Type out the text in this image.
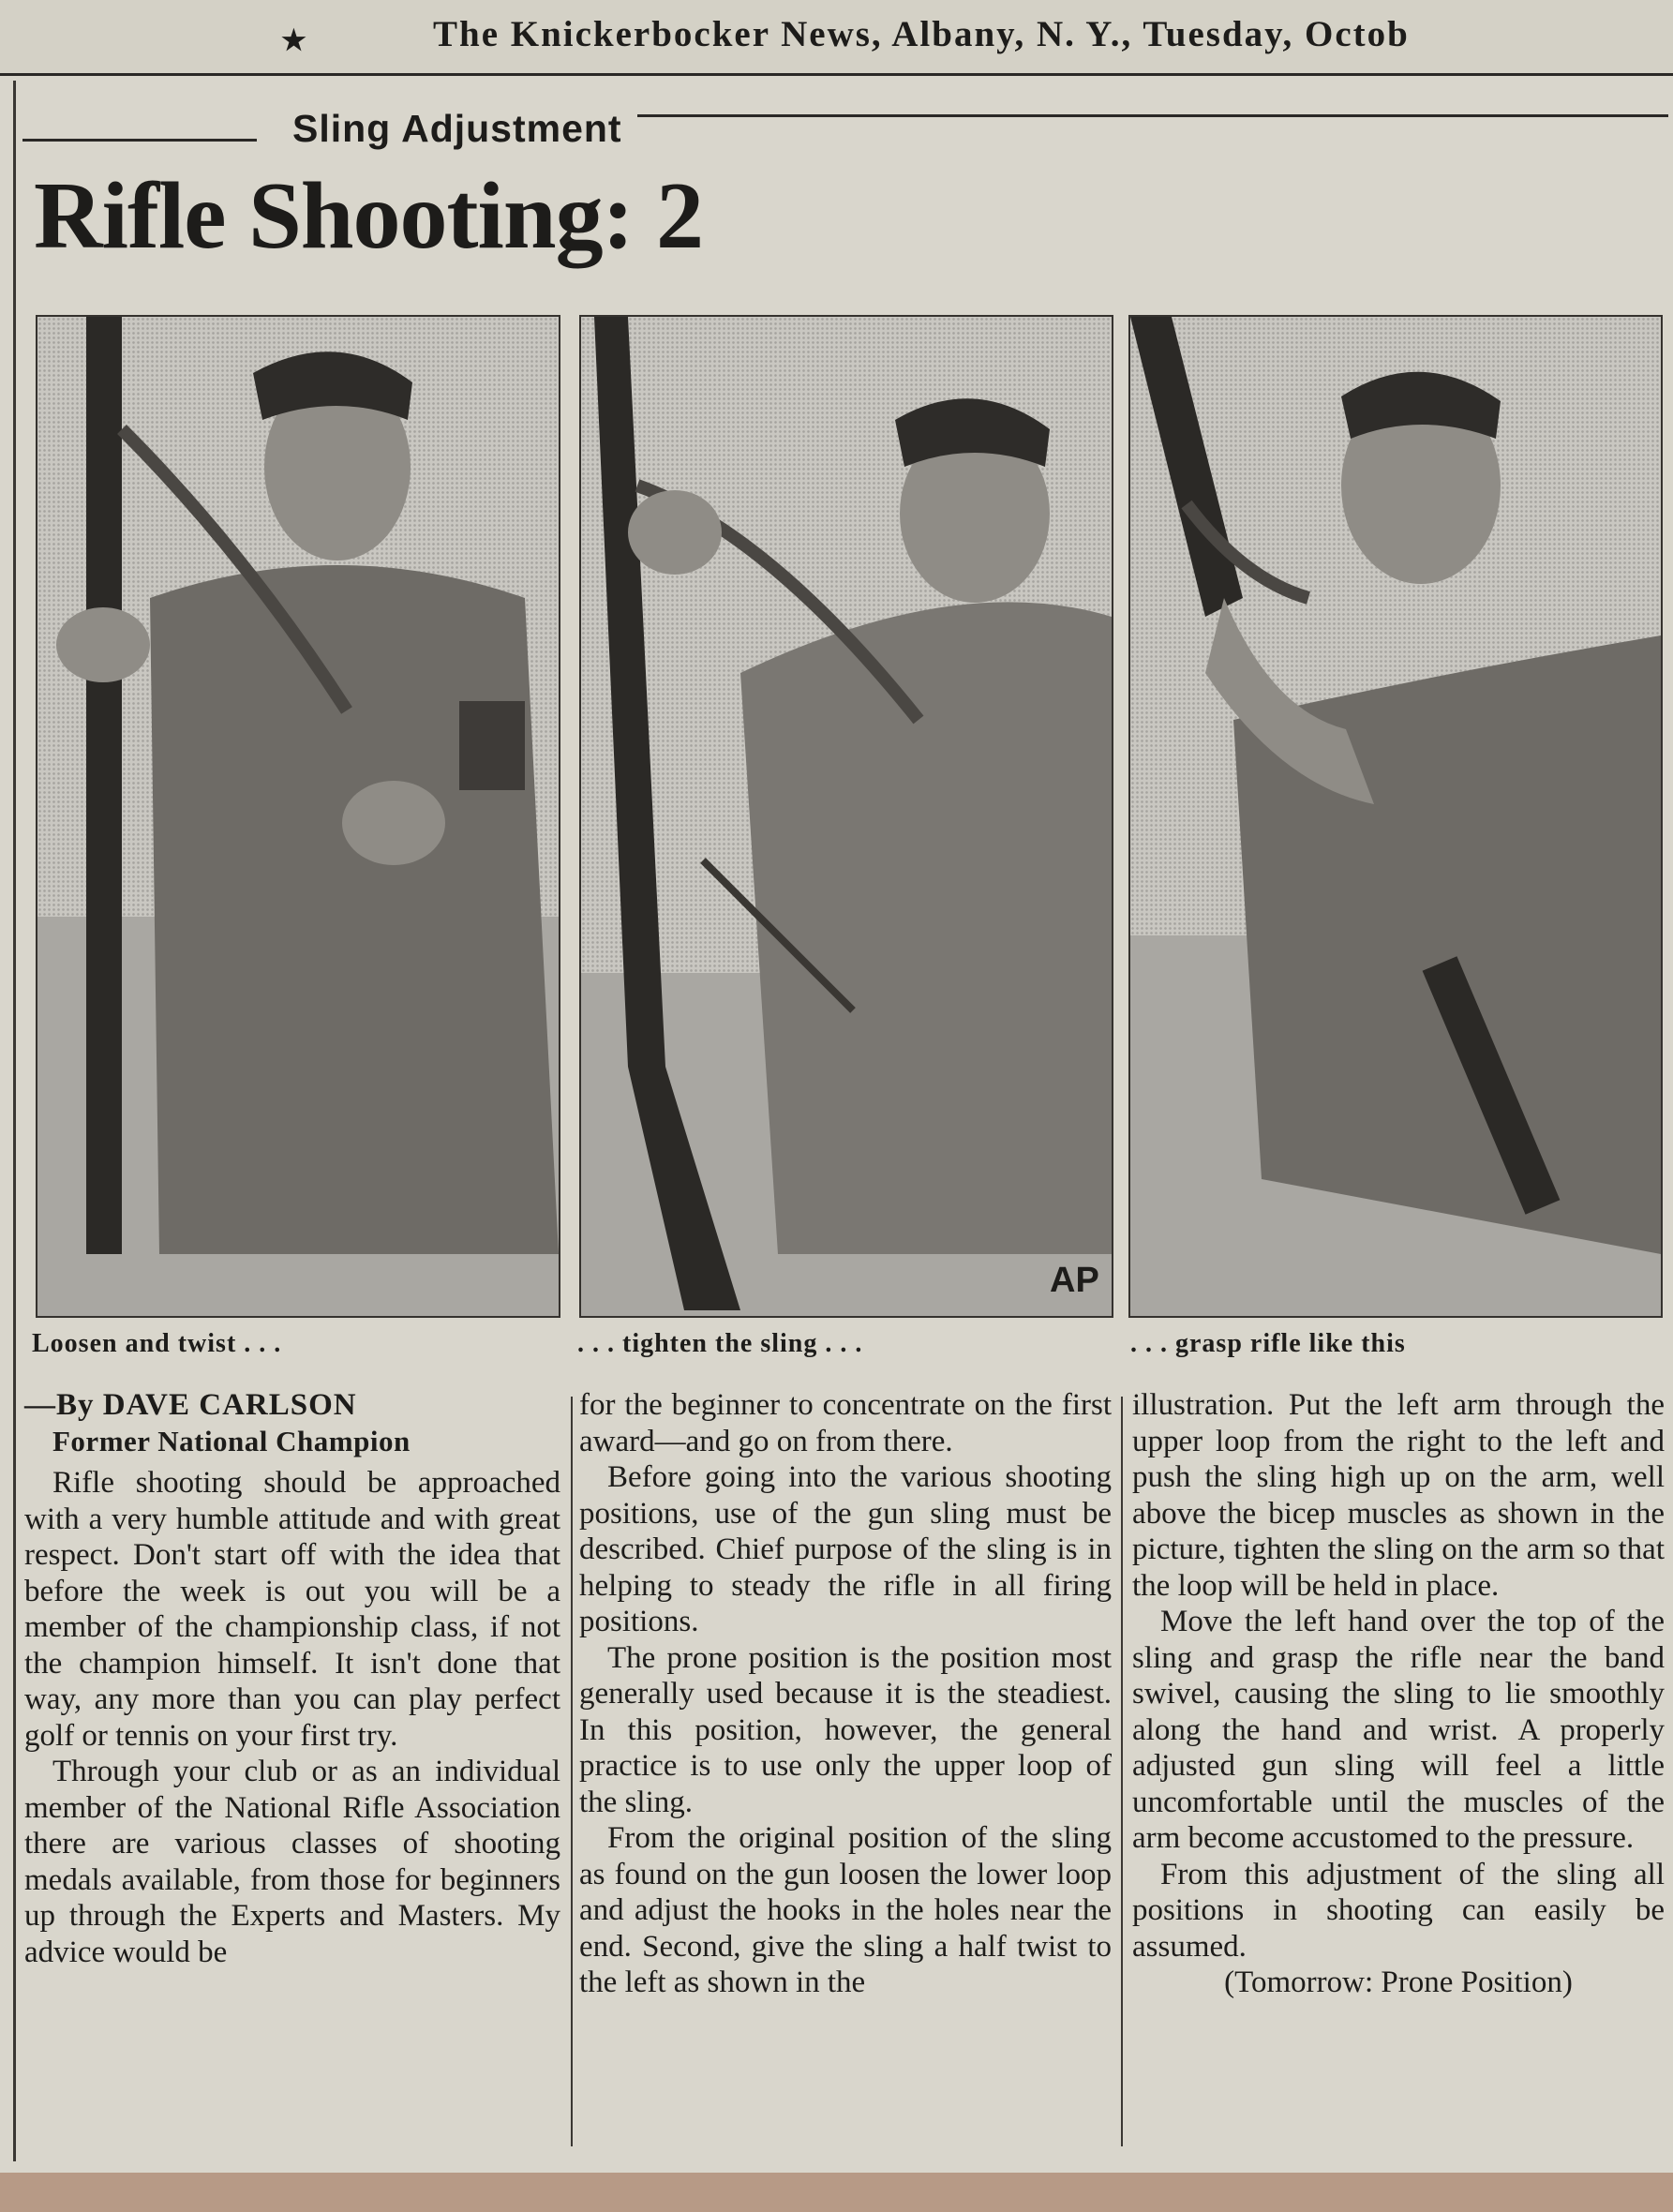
★	The Knickerbocker News, Albany, N. Y., Tuesday, Octob
Sling Adjustment
Rifle Shooting: 2
AP
Loosen and twist . . .	. . . tighten the sling . . .	. . . grasp rifle like this

—By DAVE CARLSON

Former National Champion

Rifle shooting should be approached with a very humble attitude and with great respect. Don't start off with the idea that before the week is out you will be a member of the championship class, if not the champion himself. It isn't done that way, any more than you can play perfect golf or tennis on your first try.

Through your club or as an individual member of the National Rifle Association there are various classes of shooting medals available, from those for beginners up through the Experts and Masters. My advice would be

for the beginner to concentrate on the first award—and go on from there.

Before going into the various shooting positions, use of the gun sling must be described. Chief purpose of the sling is in helping to steady the rifle in all firing positions.

The prone position is the position most generally used because it is the steadiest. In this position, however, the general practice is to use only the upper loop of the sling.

From the original position of the sling as found on the gun loosen the lower loop and adjust the hooks in the holes near the end. Second, give the sling a half twist to the left as shown in the

illustration. Put the left arm through the upper loop from the right to the left and push the sling high up on the arm, well above the bicep muscles as shown in the picture, tighten the sling on the arm so that the loop will be held in place.

Move the left hand over the top of the sling and grasp the rifle near the band swivel, causing the sling to lie smoothly along the hand and wrist. A properly adjusted gun sling will feel a little uncomfortable until the muscles of the arm become accustomed to the pressure.

From this adjustment of the sling all positions in shooting can easily be assumed.

(Tomorrow: Prone Position)
